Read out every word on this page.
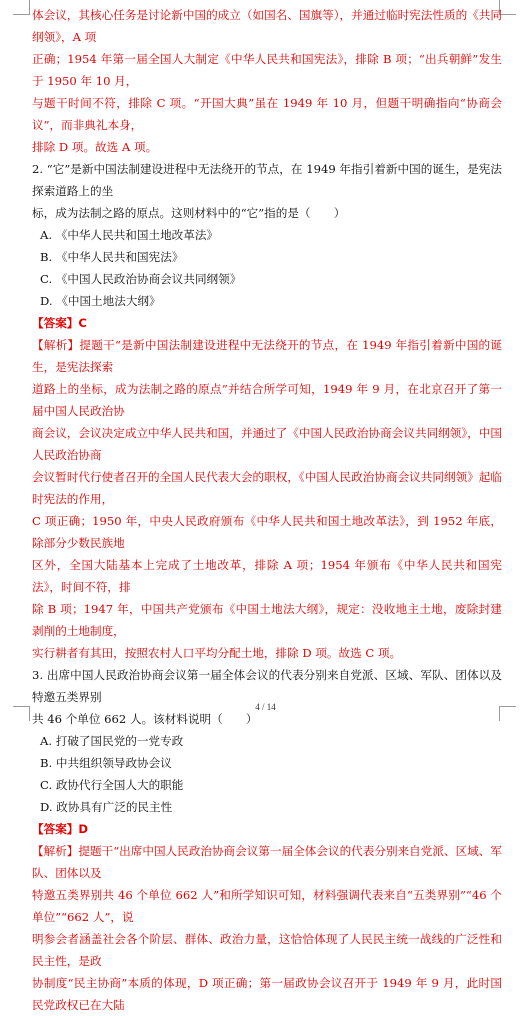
体会议，其核心任务是讨论新中国的成立（如国名、国旗等），并通过临时宪法性质的《共同纲领》，A 项

正确；1954 年第一届全国人大制定《中华人民共和国宪法》，排除 B 项；“出兵朝鲜”发生于 1950 年 10 月，

与题干时间不符，排除 C 项。“开国大典”虽在 1949 年 10 月，但题干明确指向“协商会议”，而非典礼本身，

排除 D 项。故选 A 项。

2. “它”是新中国法制建设进程中无法绕开的节点，在 1949 年指引着新中国的诞生，是宪法探索道路上的坐

标，成为法制之路的原点。这则材料中的“它”指的是（　　）

A. 《中华人民共和国土地改革法》

B. 《中华人民共和国宪法》

C. 《中国人民政治协商会议共同纲领》

D. 《中国土地法大纲》

【答案】C

【解析】提题干“是新中国法制建设进程中无法绕开的节点，在 1949 年指引着新中国的诞生，是宪法探索

道路上的坐标，成为法制之路的原点”并结合所学可知，1949 年 9 月，在北京召开了第一届中国人民政治协

商会议，会议决定成立中华人民共和国，并通过了《中国人民政治协商会议共同纲领》，中国人民政治协商

会议暂时代行使者召开的全国人民代表大会的职权，《中国人民政治协商会议共同纲领》起临时宪法的作用，

C 项正确；1950 年，中央人民政府颁布《中华人民共和国土地改革法》，到 1952 年底，除部分少数民族地

区外，全国大陆基本上完成了土地改革，排除 A 项；1954 年颁布《中华人民共和国宪法》，时间不符，排

除 B 项；1947 年，中国共产党颁布《中国土地法大纲》，规定：没收地主土地，废除封建剥削的土地制度，

实行耕者有其田，按照农村人口平均分配土地，排除 D 项。故选 C 项。

3. 出席中国人民政治协商会议第一届全体会议的代表分别来自党派、区域、军队、团体以及特邀五类界别

共 46 个单位 662 人。该材料说明（　　）

A. 打破了国民党的一党专政

B. 中共组织领导政协会议

C. 政协代行全国人大的职能

D. 政协具有广泛的民主性

【答案】D

【解析】提题干“出席中国人民政治协商会议第一届全体会议的代表分别来自党派、区域、军队、团体以及

特邀五类界别共 46 个单位 662 人”和所学知识可知，材料强调代表来自“五类界别”“46 个单位”“662 人”，说

明参会者涵盖社会各个阶层、群体、政治力量，这恰恰体现了人民民主统一战线的广泛性和民主性，是政

协制度“民主协商”本质的体现，D 项正确；第一届政协会议召开于 1949 年 9 月，此时国民党政权已在大陆

4 / 14
